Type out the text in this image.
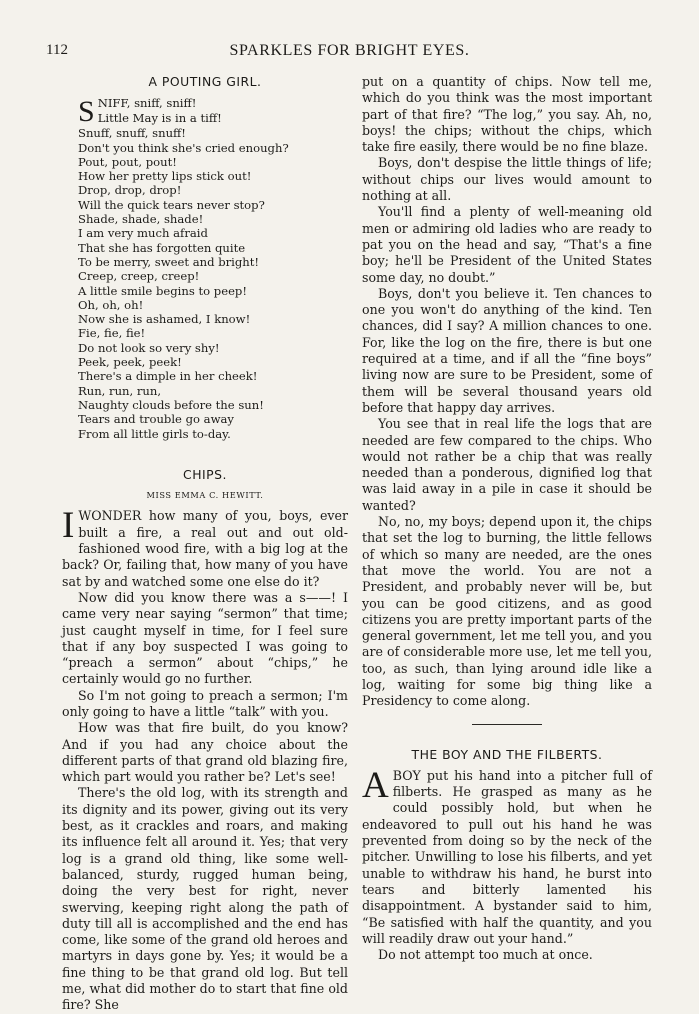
112	SPARKLES FOR BRIGHT EYES.
A POUTING GIRL.
SNIFF, sniff, sniff!
Little May is in a tiff!
Snuff, snuff, snuff!
Don't you think she's cried enough?
Pout, pout, pout!
How her pretty lips stick out!
Drop, drop, drop!
Will the quick tears never stop?
Shade, shade, shade!
I am very much afraid
That she has forgotten quite
To be merry, sweet and bright!
Creep, creep, creep!
A little smile begins to peep!
Oh, oh, oh!
Now she is ashamed, I know!
Fie, fie, fie!
Do not look so very shy!
Peek, peek, peek!
There's a dimple in her cheek!
Run, run, run,
Naughty clouds before the sun!
Tears and trouble go away
From all little girls to-day.
CHIPS.
MISS EMMA C. HEWITT.

IWONDER how many of you, boys, ever built a fire, a real out and out old-fashioned wood fire, with a big log at the back? Or, failing that, how many of you have sat by and watched some one else do it?

Now did you know there was a s——! I came very near saying “sermon” that time; just caught myself in time, for I feel sure that if any boy suspected I was going to “preach a sermon” about “chips,” he certainly would go no further.

So I'm not going to preach a sermon; I'm only going to have a little “talk” with you.

How was that fire built, do you know? And if you had any choice about the different parts of that grand old blazing fire, which part would you rather be? Let's see!

There's the old log, with its strength and its dignity and its power, giving out its very best, as it crackles and roars, and making its influence felt all around it. Yes; that very log is a grand old thing, like some well-balanced, sturdy, rugged human being, doing the very best for right, never swerving, keeping right along the path of duty till all is accomplished and the end has come, like some of the grand old heroes and martyrs in days gone by. Yes; it would be a fine thing to be that grand old log. But tell me, what did mother do to start that fine old fire? She

put on a quantity of chips. Now tell me, which do you think was the most important part of that fire? “The log,” you say. Ah, no, boys! the chips; without the chips, which take fire easily, there would be no fine blaze.

Boys, don't despise the little things of life; without chips our lives would amount to nothing at all.

You'll find a plenty of well-meaning old men or admiring old ladies who are ready to pat you on the head and say, “That's a fine boy; he'll be President of the United States some day, no doubt.”

Boys, don't you believe it. Ten chances to one you won't do anything of the kind. Ten chances, did I say? A million chances to one. For, like the log on the fire, there is but one required at a time, and if all the “fine boys” living now are sure to be President, some of them will be several thousand years old before that happy day arrives.

You see that in real life the logs that are needed are few compared to the chips. Who would not rather be a chip that was really needed than a ponderous, dignified log that was laid away in a pile in case it should be wanted?

No, no, my boys; depend upon it, the chips that set the log to burning, the little fellows of which so many are needed, are the ones that move the world. You are not a President, and probably never will be, but you can be good citizens, and as good citizens you are pretty important parts of the general government, let me tell you, and you are of considerable more use, let me tell you, too, as such, than lying around idle like a log, waiting for some big thing like a Presidency to come along.

THE BOY AND THE FILBERTS.

ABOY put his hand into a pitcher full of filberts. He grasped as many as he could possibly hold, but when he endeavored to pull out his hand he was prevented from doing so by the neck of the pitcher. Unwilling to lose his filberts, and yet unable to withdraw his hand, he burst into tears and bitterly lamented his disappointment. A bystander said to him, “Be satisfied with half the quantity, and you will readily draw out your hand.”

Do not attempt too much at once.
